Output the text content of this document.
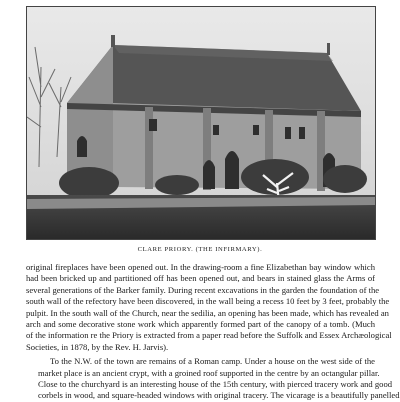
CLARE PRIORY. (THE INFIRMARY).

original fireplaces have been opened out. In the drawing-room a fine Elizabethan bay window which
had been bricked up and partitioned off has been opened out, and bears in stained glass the Arms of
several generations of the Barker family. During recent excavations in the garden the foundation of the
south wall of the refectory have been discovered, in the wall being a recess 10 feet by 3 feet, probably the
pulpit. In the south wall of the Church, near the sedilia, an opening has been made, which has revealed an
arch and some decorative stone work which apparently formed part of the canopy of a tomb. (Much
of the information re the Priory is extracted from a paper read before the Suffolk and Essex Archæological
Societies, in 1878, by the Rev. H. Jarvis).

To the N.W. of the town are remains of a Roman camp. Under a house on the west side of the
market place is an ancient crypt, with a groined roof supported in the centre by an octangular pillar.
Close to the churchyard is an interesting house of the 15th century, with pierced tracery work and good
corbels in wood, and square-headed windows with original tracery. The vicarage is a beautifully panelled
